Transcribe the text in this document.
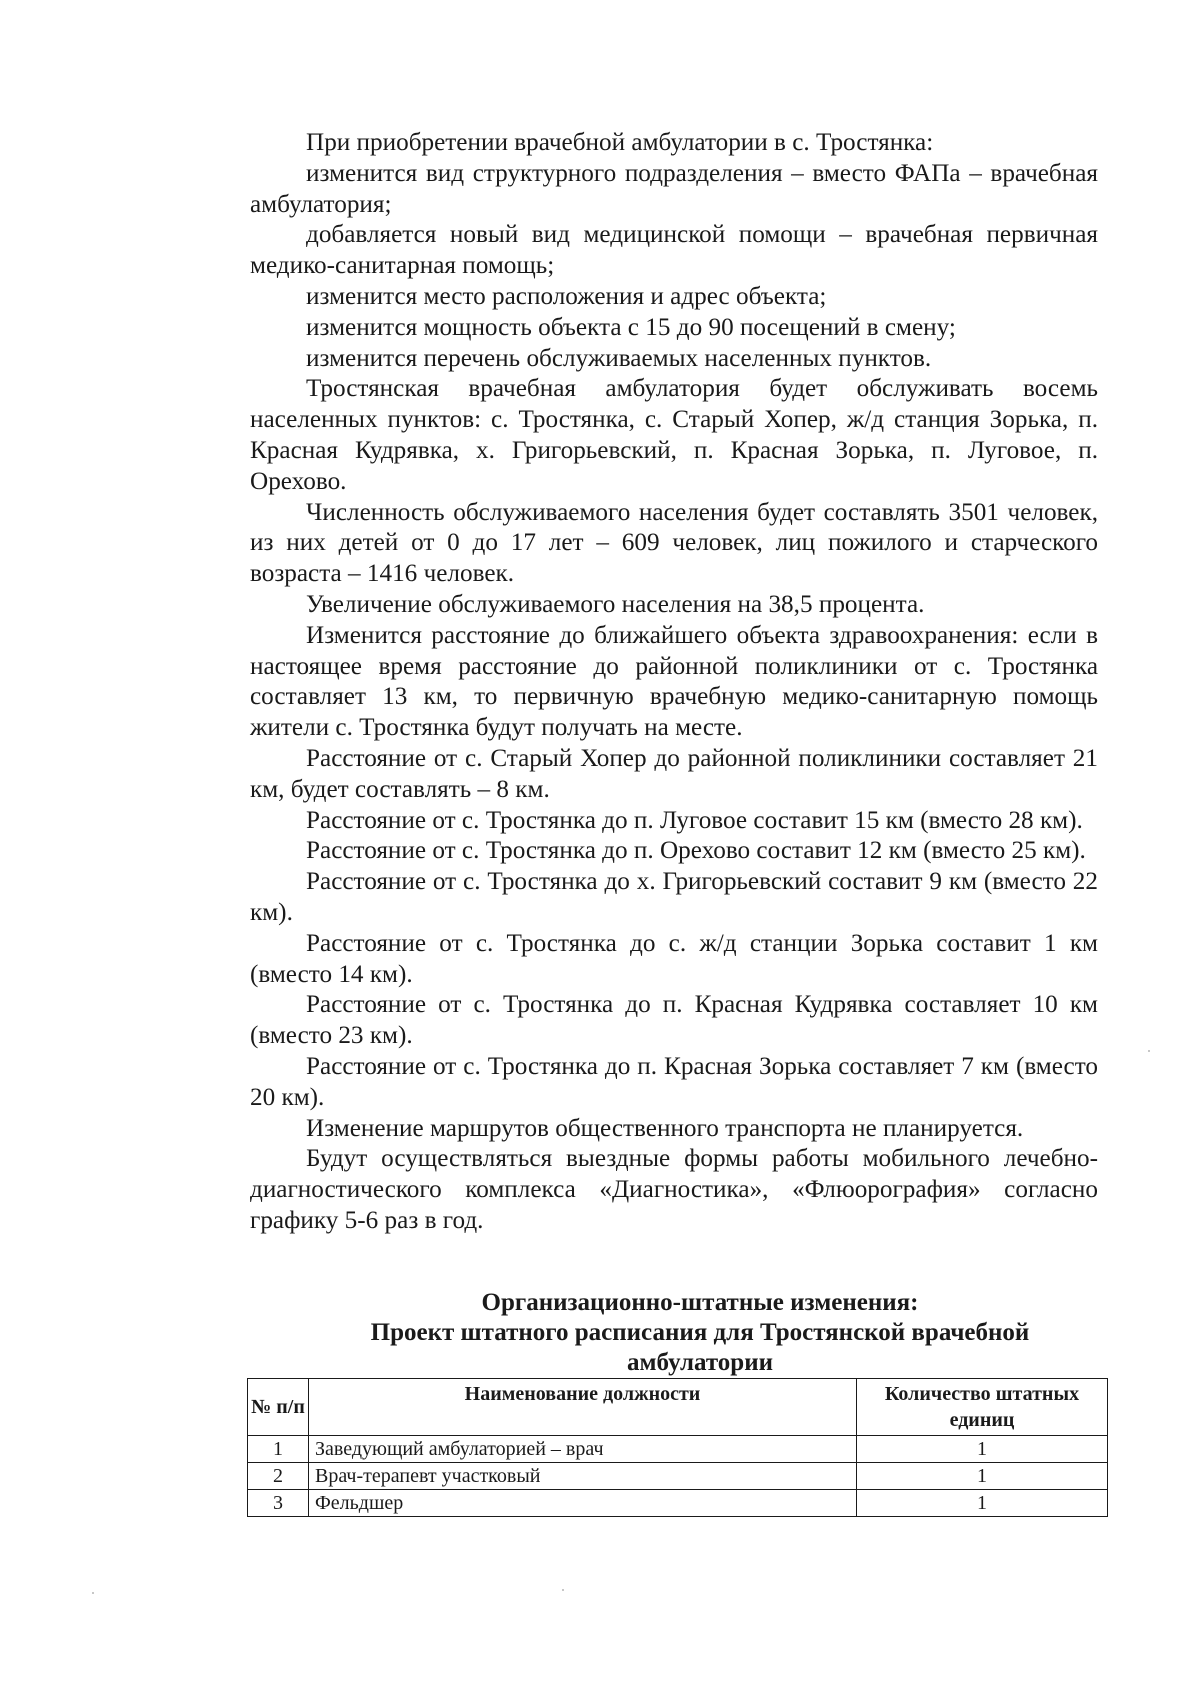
При приобретении врачебной амбулатории в с. Тростянка:

изменится вид структурного подразделения – вместо ФАПа – врачебная амбулатория;

добавляется новый вид медицинской помощи – врачебная первичная медико-санитарная помощь;

изменится место расположения и адрес объекта;

изменится мощность объекта с 15 до 90 посещений в смену;

изменится перечень обслуживаемых населенных пунктов.

Тростянская врачебная амбулатория будет обслуживать восемь населенных пунктов: с. Тростянка, с. Старый Хопер, ж/д станция Зорька, п. Красная Кудрявка, х. Григорьевский, п. Красная Зорька, п. Луговое, п. Орехово.

Численность обслуживаемого населения будет составлять 3501 человек, из них детей от 0 до 17 лет – 609 человек, лиц пожилого и старческого возраста – 1416 человек.

Увеличение обслуживаемого населения на 38,5 процента.

Изменится расстояние до ближайшего объекта здравоохранения: если в настоящее время расстояние до районной поликлиники от с. Тростянка составляет 13 км, то первичную врачебную медико-санитарную помощь жители с. Тростянка будут получать на месте.

Расстояние от с. Старый Хопер до районной поликлиники составляет 21 км, будет составлять – 8 км.

Расстояние от с. Тростянка до п. Луговое составит 15 км (вместо 28 км).

Расстояние от с. Тростянка до п. Орехово составит 12 км (вместо 25 км).

Расстояние от с. Тростянка до х. Григорьевский составит 9 км (вместо 22 км).

Расстояние от с. Тростянка до с. ж/д станции Зорька составит 1 км (вместо 14 км).

Расстояние от с. Тростянка до п. Красная Кудрявка составляет 10 км (вместо 23 км).

Расстояние от с. Тростянка до п. Красная Зорька составляет 7 км (вместо 20 км).

Изменение маршрутов общественного транспорта не планируется.

Будут осуществляться выездные формы работы мобильного лечебно-диагностического комплекса «Диагностика», «Флюорография» согласно графику 5-6 раз в год.

Организационно-штатные изменения:
Проект штатного расписания для Тростянской врачебной
амбулатории
№ п/п	Наименование должности	Количество штатных единиц
1	Заведующий амбулаторией – врач	1
2	Врач-терапевт участковый	1
3	Фельдшер	1
